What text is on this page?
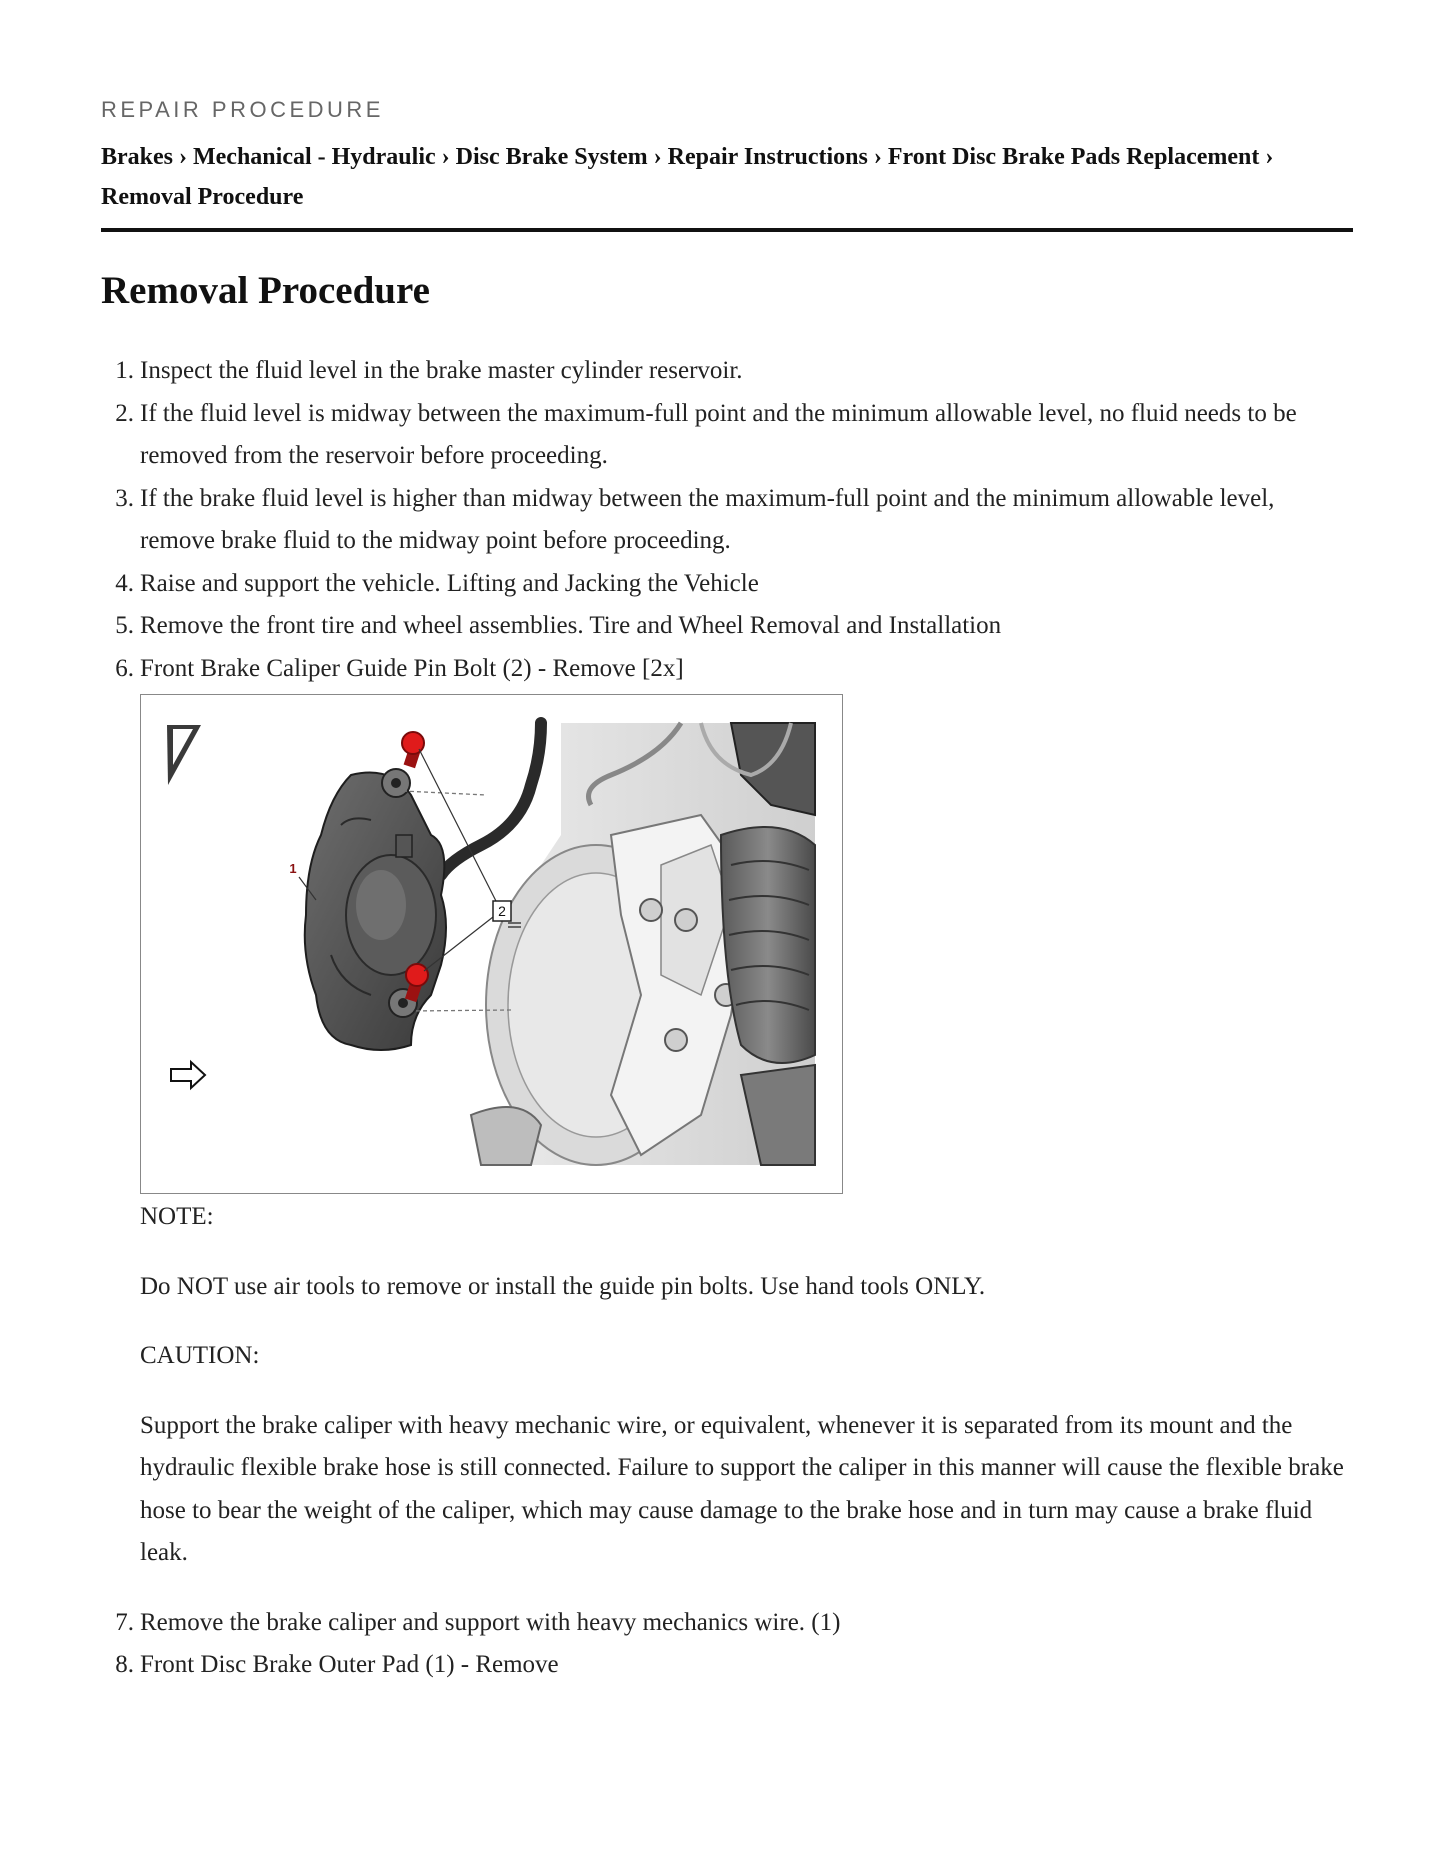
REPAIR PROCEDURE
Brakes › Mechanical - Hydraulic › Disc Brake System › Repair Instructions › Front Disc Brake Pads Replacement › Removal Procedure
Removal Procedure
1. Inspect the fluid level in the brake master cylinder reservoir.
2. If the fluid level is midway between the maximum-full point and the minimum allowable level, no fluid needs to be removed from the reservoir before proceeding.
3. If the brake fluid level is higher than midway between the maximum-full point and the minimum allowable level, remove brake fluid to the midway point before proceeding.
4. Raise and support the vehicle. Lifting and Jacking the Vehicle
5. Remove the front tire and wheel assemblies. Tire and Wheel Removal and Installation
6. Front Brake Caliper Guide Pin Bolt (2) - Remove [2x]
2
1
NOTE:
Do NOT use air tools to remove or install the guide pin bolts. Use hand tools ONLY.
CAUTION:
Support the brake caliper with heavy mechanic wire, or equivalent, whenever it is separated from its mount and the hydraulic flexible brake hose is still connected. Failure to support the caliper in this manner will cause the flexible brake hose to bear the weight of the caliper, which may cause damage to the brake hose and in turn may cause a brake fluid leak.
7. Remove the brake caliper and support with heavy mechanics wire. (1)
8. Front Disc Brake Outer Pad (1) - Remove
